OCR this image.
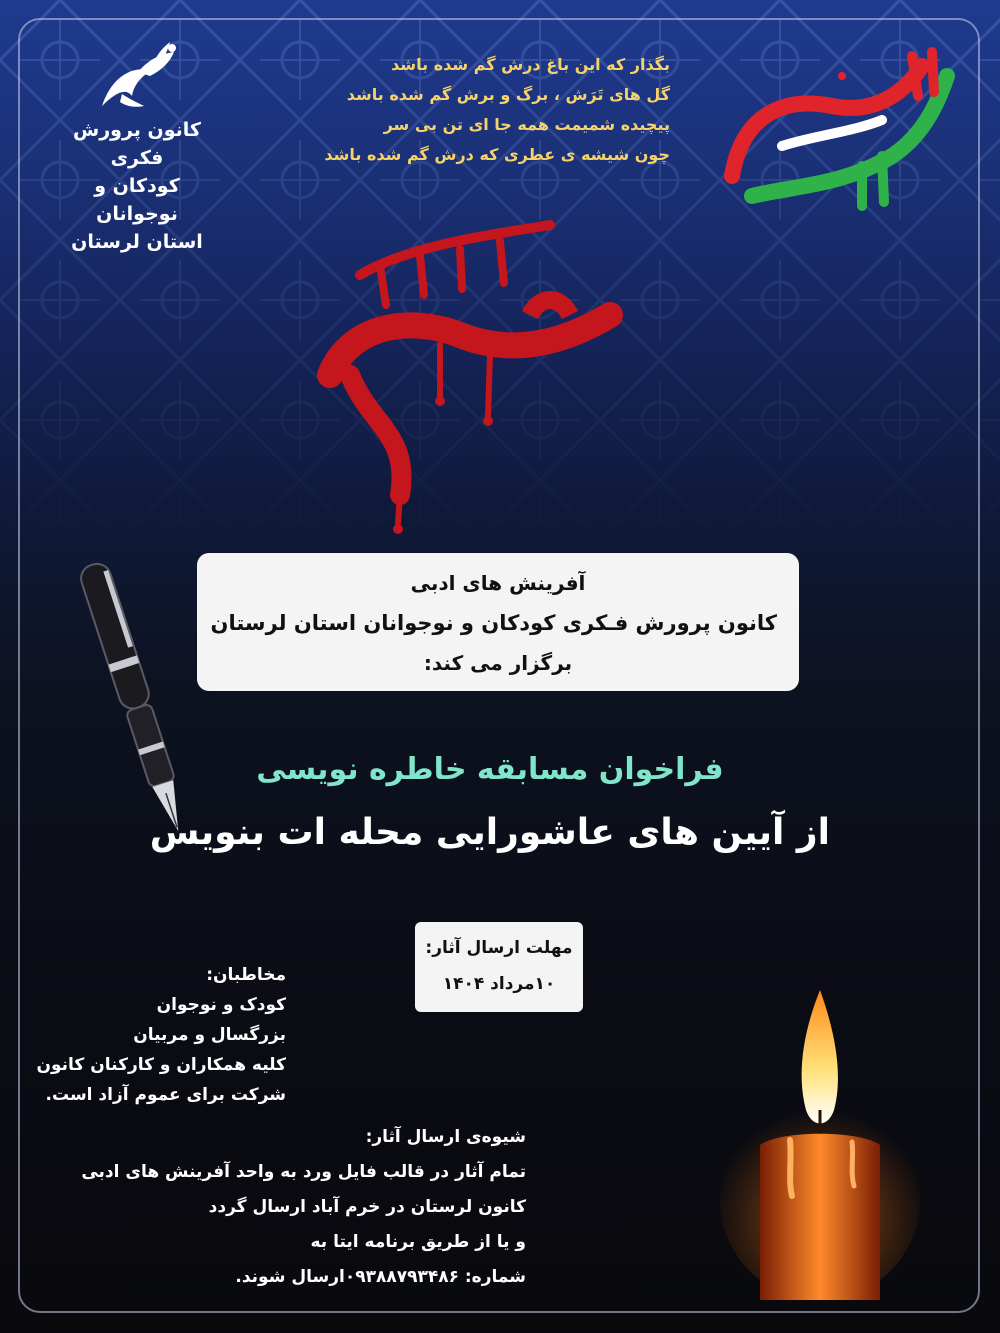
کانون پرورش فکری
کودکان و نوجوانان
استان لرستان
بگذار که این باغ درش گم شده باشد
گل های تَرَش ، برگ و برش گم شده باشد
پیچیده شمیمت همه جا ای تن بی سر
چون شیشه ی عطری که درش گم شده باشد
آفرینش های ادبی
کانون پرورش فـکری کودکان و نوجوانان استان لرستان
برگزار می کند:
فراخوان مسابقه خاطره نویسی
از آیین های عاشورایی محله ات بنویس
مهلت ارسال آثار:
۱۰مرداد ۱۴۰۴
مخاطبان:
کودک و نوجوان
بزرگسال و مربیان
کلیه همکاران و کارکنان کانون
شرکت برای عموم آزاد است.
شیوه‌ی ارسال آثار:
تمام آثار در قالب فایل ورد به واحد آفرینش های ادبی
کانون لرستان در خرم آباد ارسال گردد
و یا از طریق برنامه ایتا به
شماره: ۰۹۳۸۸۷۹۳۴۸۶ارسال شوند.
